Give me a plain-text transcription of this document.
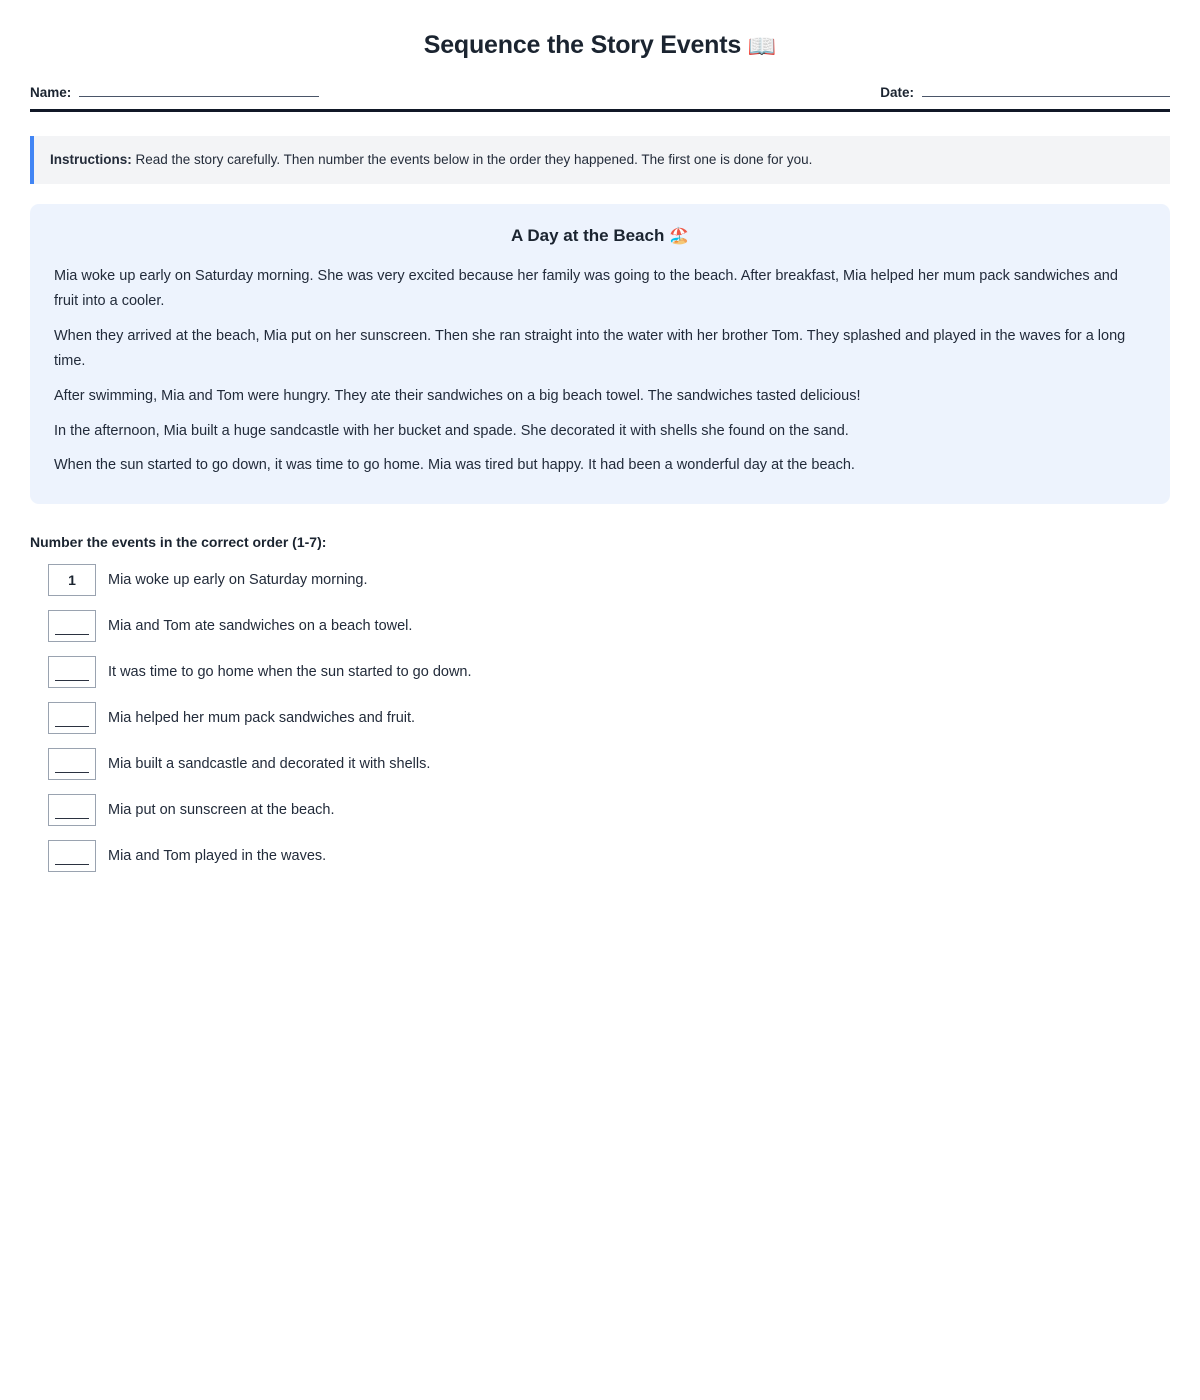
Sequence the Story Events 📖
Name:	Date:
Instructions: Read the story carefully. Then number the events below in the order they happened. The first one is done for you.
A Day at the Beach 🏖️

Mia woke up early on Saturday morning. She was very excited because her family was going to the beach. After breakfast, Mia helped her mum pack sandwiches and fruit into a cooler.

When they arrived at the beach, Mia put on her sunscreen. Then she ran straight into the water with her brother Tom. They splashed and played in the waves for a long time.

After swimming, Mia and Tom were hungry. They ate their sandwiches on a big beach towel. The sandwiches tasted delicious!

In the afternoon, Mia built a huge sandcastle with her bucket and spade. She decorated it with shells she found on the sand.

When the sun started to go down, it was time to go home. Mia was tired but happy. It had been a wonderful day at the beach.

Number the events in the correct order (1-7):
1 Mia woke up early on Saturday morning.
Mia and Tom ate sandwiches on a beach towel.
It was time to go home when the sun started to go down.
Mia helped her mum pack sandwiches and fruit.
Mia built a sandcastle and decorated it with shells.
Mia put on sunscreen at the beach.
Mia and Tom played in the waves.
